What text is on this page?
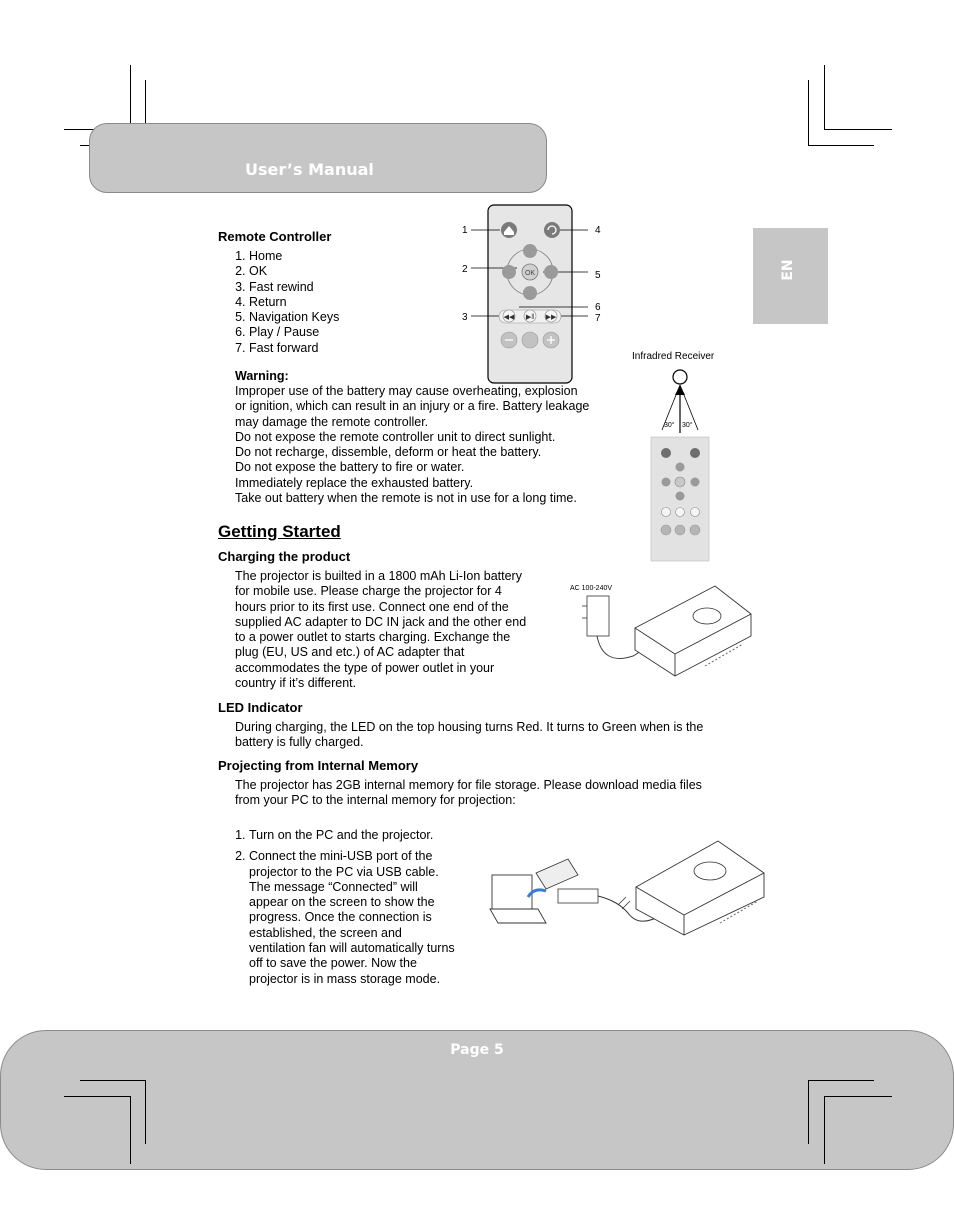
User’s Manual
EN
Remote Controller
1. Home
2. OK
3. Fast rewind
4. Return
5. Navigation Keys
6. Play / Pause
7. Fast forward
OK
◀◀ ▶‖ ▶▶
1
2
3
4
5
6
7
Warning:
Improper use of the battery may cause overheating, explosion
or ignition, which can result in an injury or a fire. Battery leakage
may damage the remote controller.
Do not expose the remote controller unit to direct sunlight.
Do not recharge, dissemble, deform or heat the battery.
Do not expose the battery to fire or water.
Immediately replace the exhausted battery.
Take out battery when the remote is not in use for a long time.
Infradred Receiver
30° 30°
Getting Started
Charging the product
The projector is builted in a 1800 mAh Li-Ion battery
for mobile use. Please charge the projector for 4
hours prior to its first use. Connect one end of the
supplied AC adapter to DC IN jack and the other end
to a power outlet to starts charging. Exchange the
plug (EU, US and etc.) of AC adapter that
accommodates the type of power outlet in your
country if it’s different.
AC 100-240V
LED Indicator
During charging, the LED on the top housing turns Red. It turns to Green when is the
battery is fully charged.
Projecting from Internal Memory
The projector has 2GB internal memory for file storage. Please download media files
from your PC to the internal memory for projection:
1. Turn on the PC and the projector.
2. Connect the mini-USB port of the
projector to the PC via USB cable.
The message “Connected” will
appear on the screen to show the
progress. Once the connection is
established, the screen and
ventilation fan will automatically turns
off to save the power. Now the
projector is in mass storage mode.
Page 5
